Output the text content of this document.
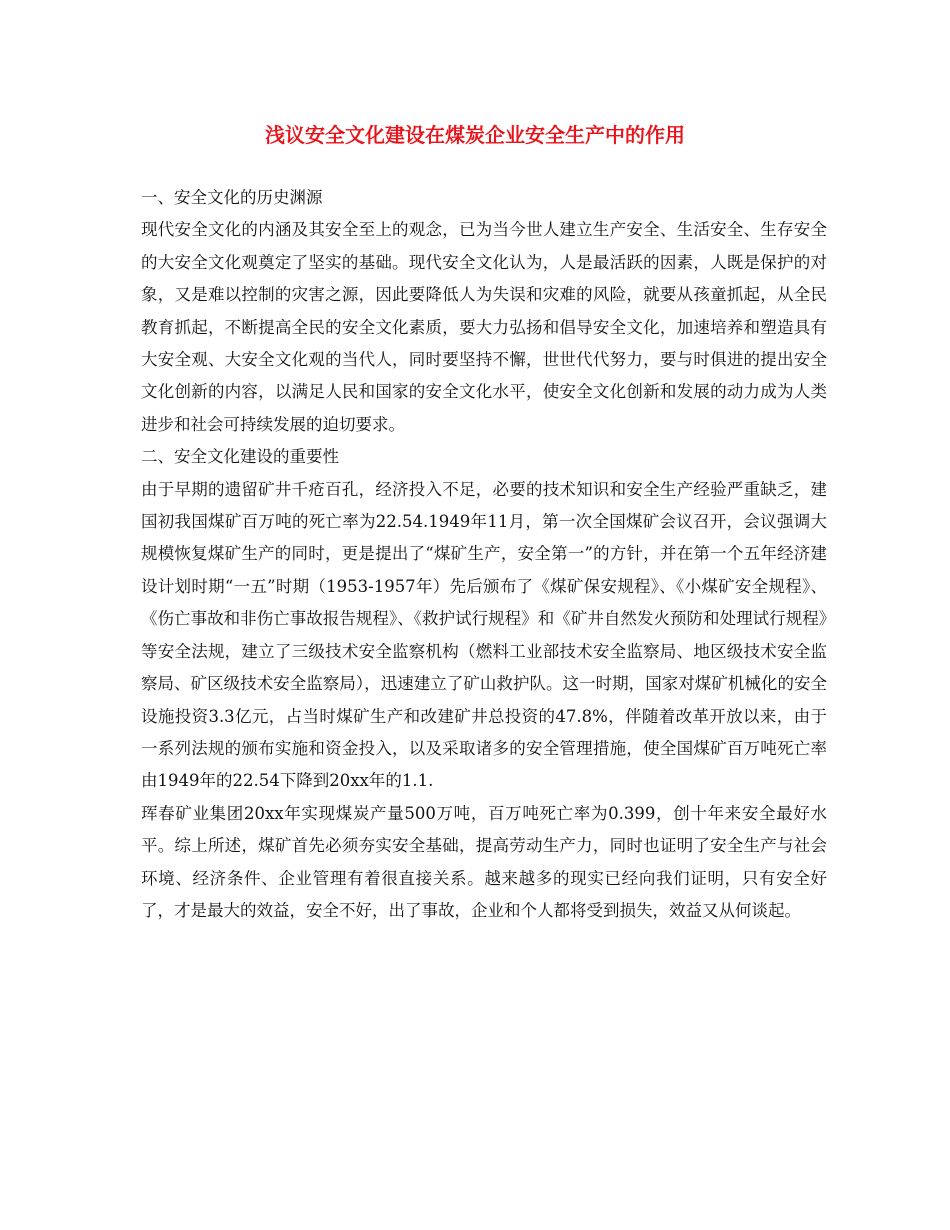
浅议安全文化建设在煤炭企业安全生产中的作用

一、安全文化的历史渊源

现代安全文化的内涵及其安全至上的观念，已为当今世人建立生产安全、生活安全、生存安全的大安全文化观奠定了坚实的基础。现代安全文化认为，人是最活跃的因素，人既是保护的对象，又是难以控制的灾害之源，因此要降低人为失误和灾难的风险，就要从孩童抓起，从全民教育抓起，不断提高全民的安全文化素质，要大力弘扬和倡导安全文化，加速培养和塑造具有大安全观、大安全文化观的当代人，同时要坚持不懈，世世代代努力，要与时俱进的提出安全文化创新的内容，以满足人民和国家的安全文化水平，使安全文化创新和发展的动力成为人类进步和社会可持续发展的迫切要求。

二、安全文化建设的重要性

由于早期的遗留矿井千疮百孔，经济投入不足，必要的技术知识和安全生产经验严重缺乏，建国初我国煤矿百万吨的死亡率为22.54.1949年11月，第一次全国煤矿会议召开，会议强调大规模恢复煤矿生产的同时，更是提出了“煤矿生产，安全第一”的方针，并在第一个五年经济建设计划时期“一五”时期（1953-1957年）先后颁布了《煤矿保安规程》、《小煤矿安全规程》、《伤亡事故和非伤亡事故报告规程》、《救护试行规程》和《矿井自然发火预防和处理试行规程》等安全法规，建立了三级技术安全监察机构（燃料工业部技术安全监察局、地区级技术安全监察局、矿区级技术安全监察局），迅速建立了矿山救护队。这一时期，国家对煤矿机械化的安全设施投资3.3亿元，占当时煤矿生产和改建矿井总投资的47.8%，伴随着改革开放以来，由于一系列法规的颁布实施和资金投入，以及采取诸多的安全管理措施，使全国煤矿百万吨死亡率由1949年的22.54下降到20xx年的1.1.

珲春矿业集团20xx年实现煤炭产量500万吨，百万吨死亡率为0.399，创十年来安全最好水平。综上所述，煤矿首先必须夯实安全基础，提高劳动生产力，同时也证明了安全生产与社会环境、经济条件、企业管理有着很直接关系。越来越多的现实已经向我们证明，只有安全好了，才是最大的效益，安全不好，出了事故，企业和个人都将受到损失，效益又从何谈起。
